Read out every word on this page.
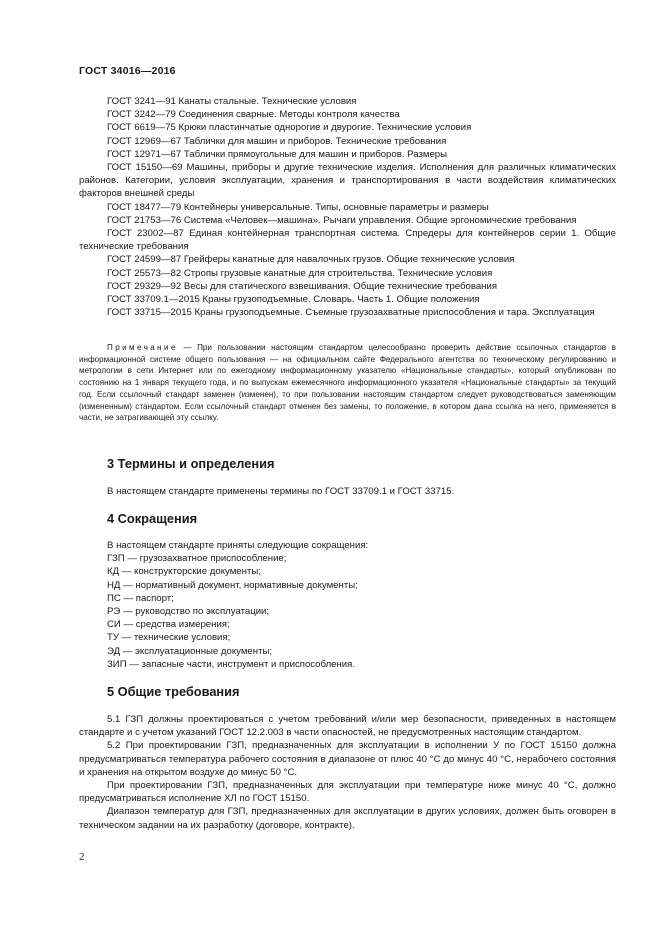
ГОСТ 34016—2016

ГОСТ 3241—91 Канаты стальные. Технические условия

ГОСТ 3242—79 Соединения сварные. Методы контроля качества

ГОСТ 6619—75 Крюки пластинчатые однорогие и двурогие. Технические условия

ГОСТ 12969—67 Таблички для машин и приборов. Технические требования

ГОСТ 12971—67 Таблички прямоугольные для машин и приборов. Размеры

ГОСТ 15150—69 Машины, приборы и другие технические изделия. Исполнения для различных климатических районов. Категории, условия эксплуатации, хранения и транспортирования в части воздействия климатических факторов внешней среды

ГОСТ 18477—79 Контейнеры универсальные. Типы, основные параметры и размеры

ГОСТ 21753—76 Система «Человек—машина». Рычаги управления. Общие эргономические требования

ГОСТ 23002—87 Единая контейнерная транспортная система. Спредеры для контейнеров серии 1. Общие технические требования

ГОСТ 24599—87 Грейферы канатные для навалочных грузов. Общие технические условия

ГОСТ 25573—82 Стропы грузовые канатные для строительства. Технические условия

ГОСТ 29329—92 Весы для статического взвешивания. Общие технические требования

ГОСТ 33709.1—2015 Краны грузоподъемные. Словарь. Часть 1. Общие положения

ГОСТ 33715—2015 Краны грузоподъемные. Съемные грузозахватные приспособления и тара. Эксплуатация

Примечание — При пользовании настоящим стандартом целесообразно проверить действие ссылочных стандартов в информационной системе общего пользования — на официальном сайте Федерального агентства по техническому регулированию и метрологии в сети Интернет или по ежегодному информационному указателю «Национальные стандарты», который опубликован по состоянию на 1 января текущего года, и по выпускам ежемесячного информационного указателя «Национальные стандарты» за текущий год. Если ссылочный стандарт заменен (изменен), то при пользовании настоящим стандартом следует руководствоваться заменяющим (измененным) стандартом. Если ссылочный стандарт отменен без замены, то положение, в котором дана ссылка на него, применяется в части, не затрагивающей эту ссылку.

3 Термины и определения

В настоящем стандарте применены термины по ГОСТ 33709.1 и ГОСТ 33715.

4 Сокращения

В настоящем стандарте приняты следующие сокращения:

ГЗП — грузозахватное приспособление;

КД — конструкторские документы;

НД — нормативный документ, нормативные документы;

ПС — паспорт;

РЭ — руководство по эксплуатации;

СИ — средства измерения;

ТУ — технические условия;

ЭД — эксплуатационные документы;

ЗИП — запасные части, инструмент и приспособления.

5 Общие требования

5.1 ГЗП должны проектироваться с учетом требований и/или мер безопасности, приведенных в настоящем стандарте и с учетом указаний ГОСТ 12.2.003 в части опасностей, не предусмотренных настоящим стандартом.

5.2 При проектировании ГЗП, предназначенных для эксплуатации в исполнении У по ГОСТ 15150 должна предусматриваться температура рабочего состояния в диапазоне от плюс 40 °С до минус 40 °С, нерабочего состояния и хранения на открытом воздухе до минус 50 °С.

При проектировании ГЗП, предназначенных для эксплуатации при температуре ниже минус 40 °С, должно предусматриваться исполнение ХЛ по ГОСТ 15150.

Диапазон температур для ГЗП, предназначенных для эксплуатации в других условиях, должен быть оговорен в техническом задании на их разработку (договоре, контракте).

2
